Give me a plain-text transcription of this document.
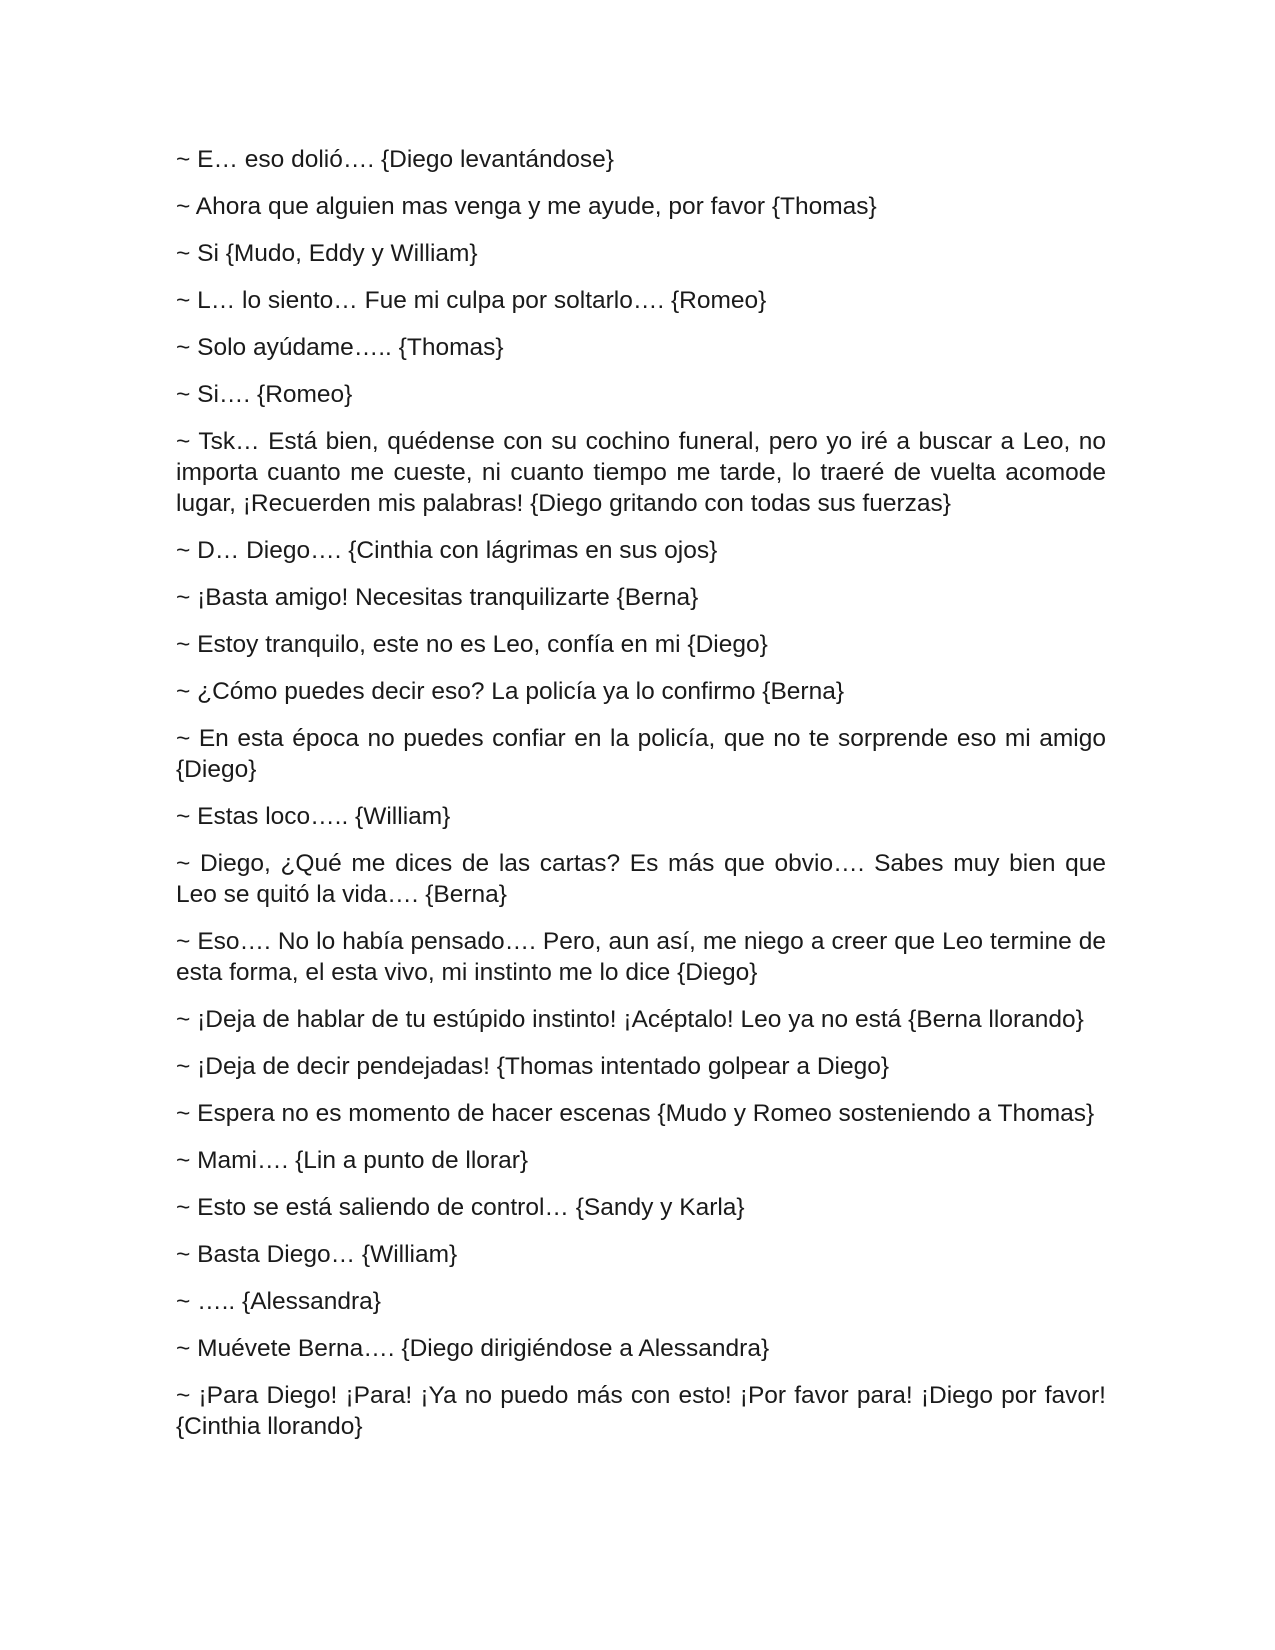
~ E… eso dolió…. {Diego levantándose}
~ Ahora que alguien mas venga y me ayude, por favor {Thomas}
~ Si {Mudo, Eddy y William}
~ L… lo siento… Fue mi culpa por soltarlo…. {Romeo}
~ Solo ayúdame….. {Thomas}
~ Si…. {Romeo}
~ Tsk… Está bien, quédense con su cochino funeral, pero yo iré a buscar a Leo, no importa cuanto me cueste, ni cuanto tiempo me tarde, lo traeré de vuelta acomode lugar, ¡Recuerden mis palabras! {Diego gritando con todas sus fuerzas}
~ D… Diego…. {Cinthia con lágrimas en sus ojos}
~ ¡Basta amigo! Necesitas tranquilizarte {Berna}
~ Estoy tranquilo, este no es Leo, confía en mi {Diego}
~ ¿Cómo puedes decir eso? La policía ya lo confirmo {Berna}
~ En esta época no puedes confiar en la policía, que no te sorprende eso mi amigo {Diego}
~ Estas loco….. {William}
~ Diego, ¿Qué me dices de las cartas? Es más que obvio…. Sabes muy bien que Leo se quitó la vida…. {Berna}
~ Eso…. No lo había pensado…. Pero, aun así, me niego a creer que Leo termine de esta forma, el esta vivo, mi instinto me lo dice {Diego}
~ ¡Deja de hablar de tu estúpido instinto! ¡Acéptalo! Leo ya no está {Berna llorando}
~ ¡Deja de decir pendejadas! {Thomas intentado golpear a Diego}
~ Espera no es momento de hacer escenas {Mudo y Romeo sosteniendo a Thomas}
~ Mami…. {Lin a punto de llorar}
~ Esto se está saliendo de control… {Sandy y Karla}
~ Basta Diego… {William}
~ ….. {Alessandra}
~ Muévete Berna…. {Diego dirigiéndose a Alessandra}
~ ¡Para Diego! ¡Para! ¡Ya no puedo más con esto! ¡Por favor para! ¡Diego por favor! {Cinthia llorando}
